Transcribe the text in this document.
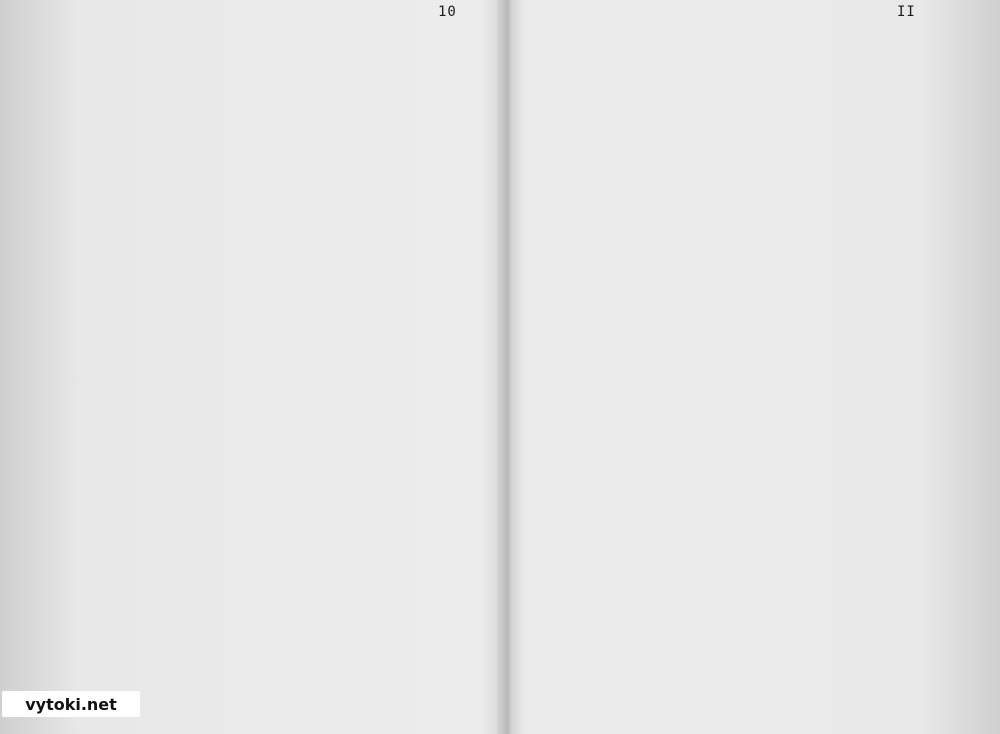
10	II
vytoki.net
